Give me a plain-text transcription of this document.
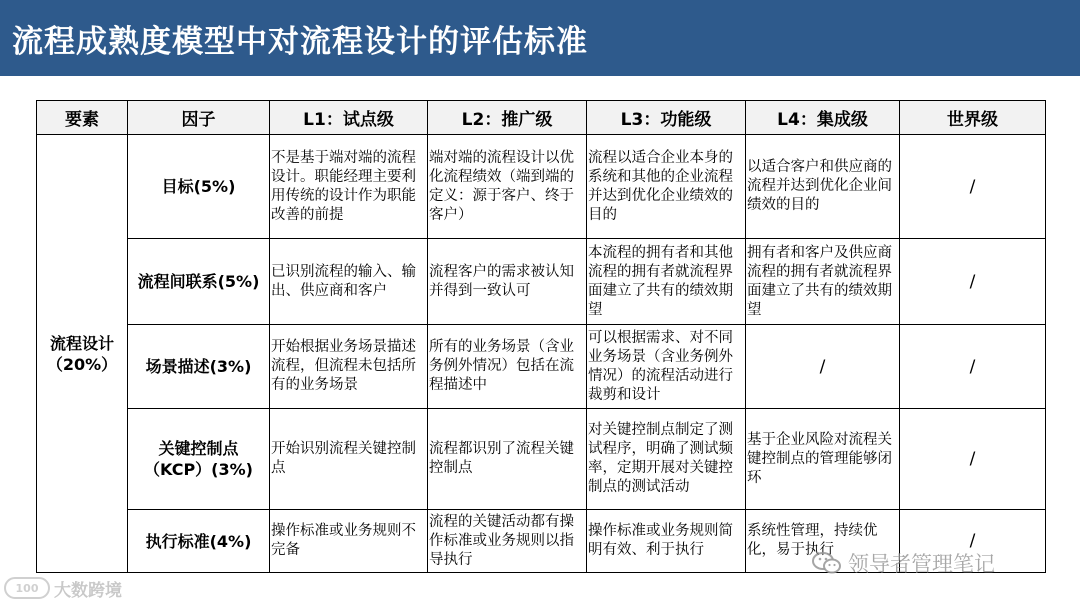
流程成熟度模型中对流程设计的评估标准
要素	因子	L1：试点级	L2：推广级	L3：功能级	L4：集成级	世界级

流程设计
（20%）	目标(5%)	不是基于端对端的流程设计。职能经理主要利用传统的设计作为职能改善的前提	端对端的流程设计以优化流程绩效（端到端的定义：源于客户、终于客户）	流程以适合企业本身的系统和其他的企业流程并达到优化企业绩效的目的	以适合客户和供应商的流程并达到优化企业间绩效的目的	/
	流程间联系(5%)	已识别流程的输入、输出、供应商和客户	流程客户的需求被认知并得到一致认可	本流程的拥有者和其他流程的拥有者就流程界面建立了共有的绩效期望	拥有者和客户及供应商流程的拥有者就流程界面建立了共有的绩效期望	/
	场景描述(3%)	开始根据业务场景描述流程，但流程未包括所有的业务场景	所有的业务场景（含业务例外情况）包括在流程描述中	可以根据需求、对不同业务场景（含业务例外情况）的流程活动进行裁剪和设计	/	/

	关键控制点
（KCP）(3%)	开始识别流程关键控制点	流程都识别了流程关键控制点	对关键控制点制定了测试程序，明确了测试频率，定期开展对关键控制点的测试活动	基于企业风险对流程关键控制点的管理能够闭环	/
	执行标准(4%)	操作标准或业务规则不完备	流程的关键活动都有操作标准或业务规则以指导执行	操作标准或业务规则简明有效、利于执行	系统性管理，持续优化，易于执行	/
100 大数跨境
领导者管理笔记
